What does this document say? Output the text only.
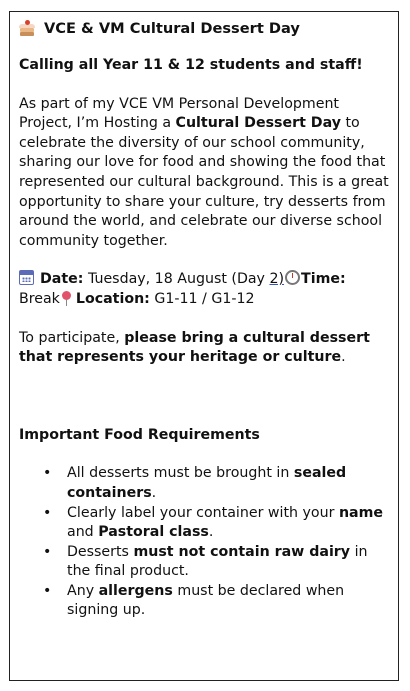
VCE & VM Cultural Dessert Day

Calling all Year 11 & 12 students and staff!

As part of my VCE VM Personal Development Project, I’m Hosting a Cultural Dessert Day to celebrate the diversity of our school community, sharing our love for food and showing the food that represented our cultural background. This is a great opportunity to share your culture, try desserts from around the world, and celebrate our diverse school community together.

Date: Tuesday, 18 August (Day 2) Time: Break Location: G1-11 / G1-12

To participate, please bring a cultural dessert that represents your heritage or culture.

Important Food Requirements

• All desserts must be brought in sealed containers.
• Clearly label your container with your name and Pastoral class.
• Desserts must not contain raw dairy in the final product.
• Any allergens must be declared when signing up.
